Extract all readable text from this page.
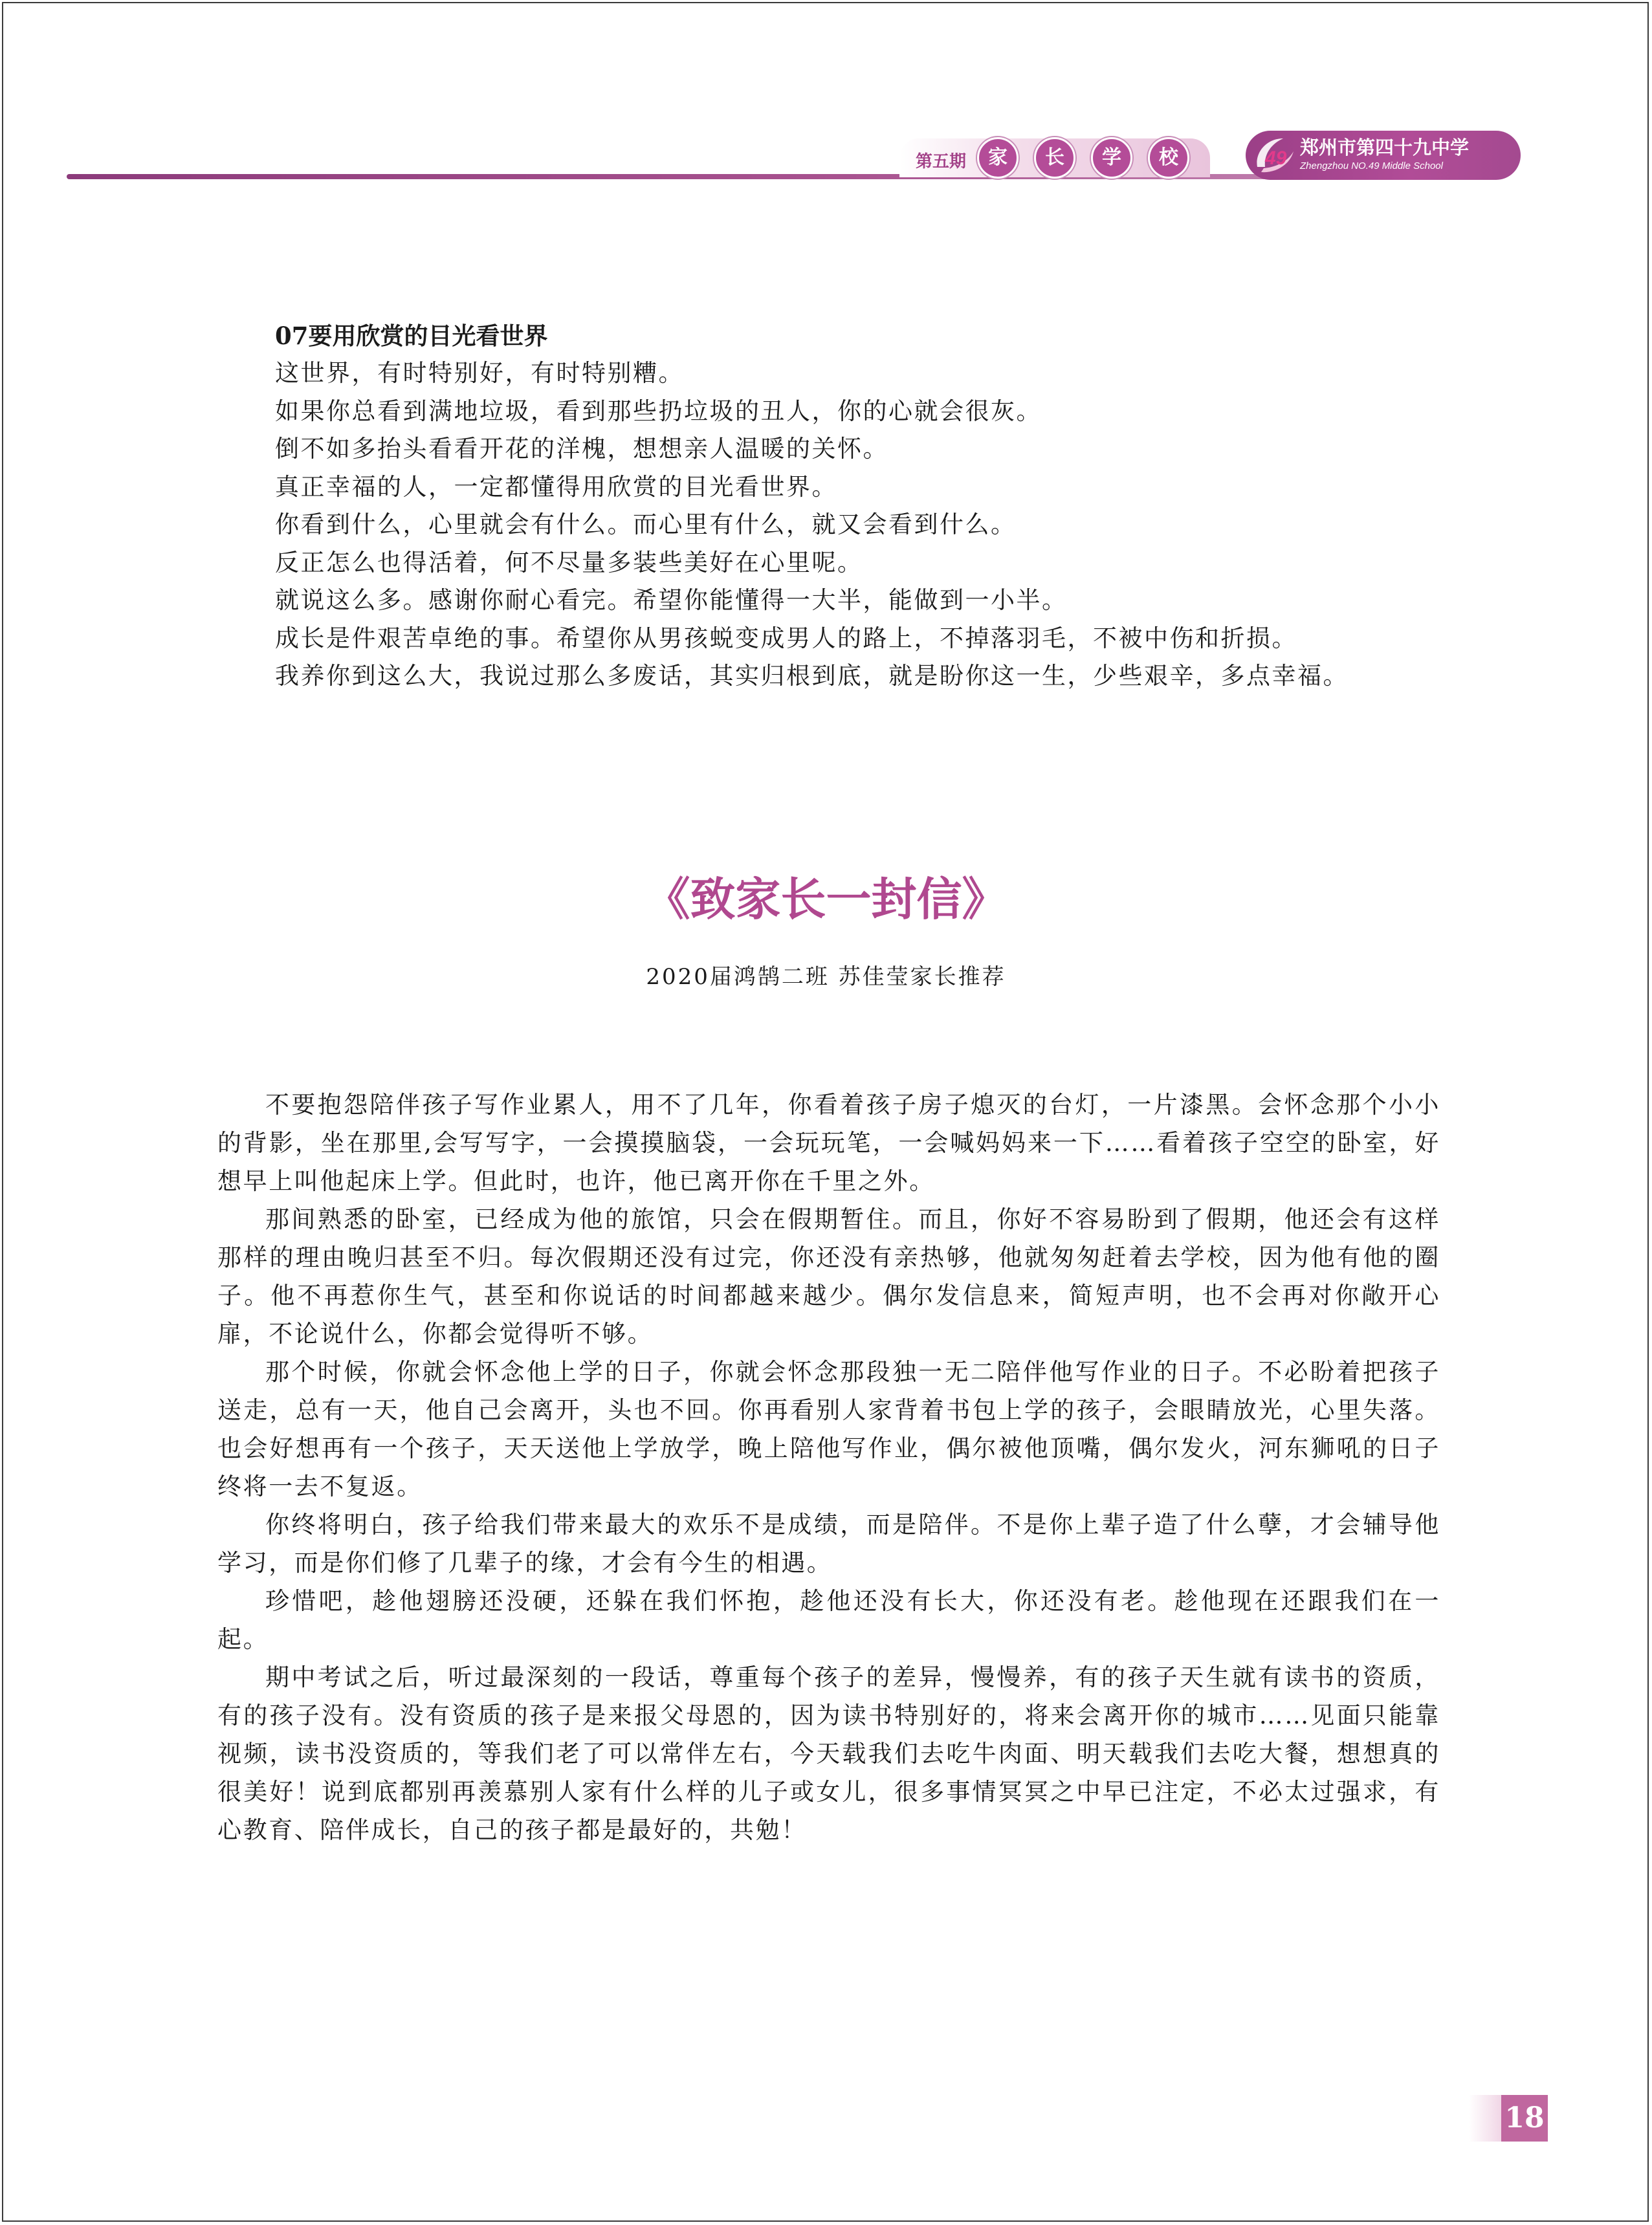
第五期	家	长	学	校	49 郑州市第四十九中学
Zhengzhou NO.49 Middle School
07要用欣赏的目光看世界
这世界，有时特别好，有时特别糟。
如果你总看到满地垃圾，看到那些扔垃圾的丑人，你的心就会很灰。
倒不如多抬头看看开花的洋槐，想想亲人温暖的关怀。
真正幸福的人，一定都懂得用欣赏的目光看世界。
你看到什么，心里就会有什么。而心里有什么，就又会看到什么。
反正怎么也得活着，何不尽量多装些美好在心里呢。
就说这么多。感谢你耐心看完。希望你能懂得一大半，能做到一小半。
成长是件艰苦卓绝的事。希望你从男孩蜕变成男人的路上，不掉落羽毛，不被中伤和折损。
我养你到这么大，我说过那么多废话，其实归根到底，就是盼你这一生，少些艰辛，多点幸福。
《致家长一封信》
2020届鸿鹄二班 苏佳莹家长推荐

不要抱怨陪伴孩子写作业累人，用不了几年，你看着孩子房子熄灭的台灯，一片漆黑。会怀念那个小小的背影，坐在那里,会写写字，一会摸摸脑袋，一会玩玩笔，一会喊妈妈来一下……看着孩子空空的卧室，好想早上叫他起床上学。但此时，也许，他已离开你在千里之外。

那间熟悉的卧室，已经成为他的旅馆，只会在假期暂住。而且，你好不容易盼到了假期，他还会有这样那样的理由晚归甚至不归。每次假期还没有过完，你还没有亲热够，他就匆匆赶着去学校，因为他有他的圈子。他不再惹你生气，甚至和你说话的时间都越来越少。偶尔发信息来，简短声明，也不会再对你敞开心扉，不论说什么，你都会觉得听不够。

那个时候，你就会怀念他上学的日子，你就会怀念那段独一无二陪伴他写作业的日子。不必盼着把孩子送走，总有一天，他自己会离开，头也不回。你再看别人家背着书包上学的孩子，会眼睛放光，心里失落。也会好想再有一个孩子，天天送他上学放学，晚上陪他写作业，偶尔被他顶嘴，偶尔发火，河东狮吼的日子终将一去不复返。

你终将明白，孩子给我们带来最大的欢乐不是成绩，而是陪伴。不是你上辈子造了什么孽，才会辅导他学习，而是你们修了几辈子的缘，才会有今生的相遇。

珍惜吧，趁他翅膀还没硬，还躲在我们怀抱，趁他还没有长大，你还没有老。趁他现在还跟我们在一起。

期中考试之后，听过最深刻的一段话，尊重每个孩子的差异，慢慢养，有的孩子天生就有读书的资质，有的孩子没有。没有资质的孩子是来报父母恩的，因为读书特别好的，将来会离开你的城市……见面只能靠视频，读书没资质的，等我们老了可以常伴左右，今天载我们去吃牛肉面、明天载我们去吃大餐，想想真的很美好！说到底都别再羡慕别人家有什么样的儿子或女儿，很多事情冥冥之中早已注定，不必太过强求，有心教育、陪伴成长，自己的孩子都是最好的，共勉！

18
